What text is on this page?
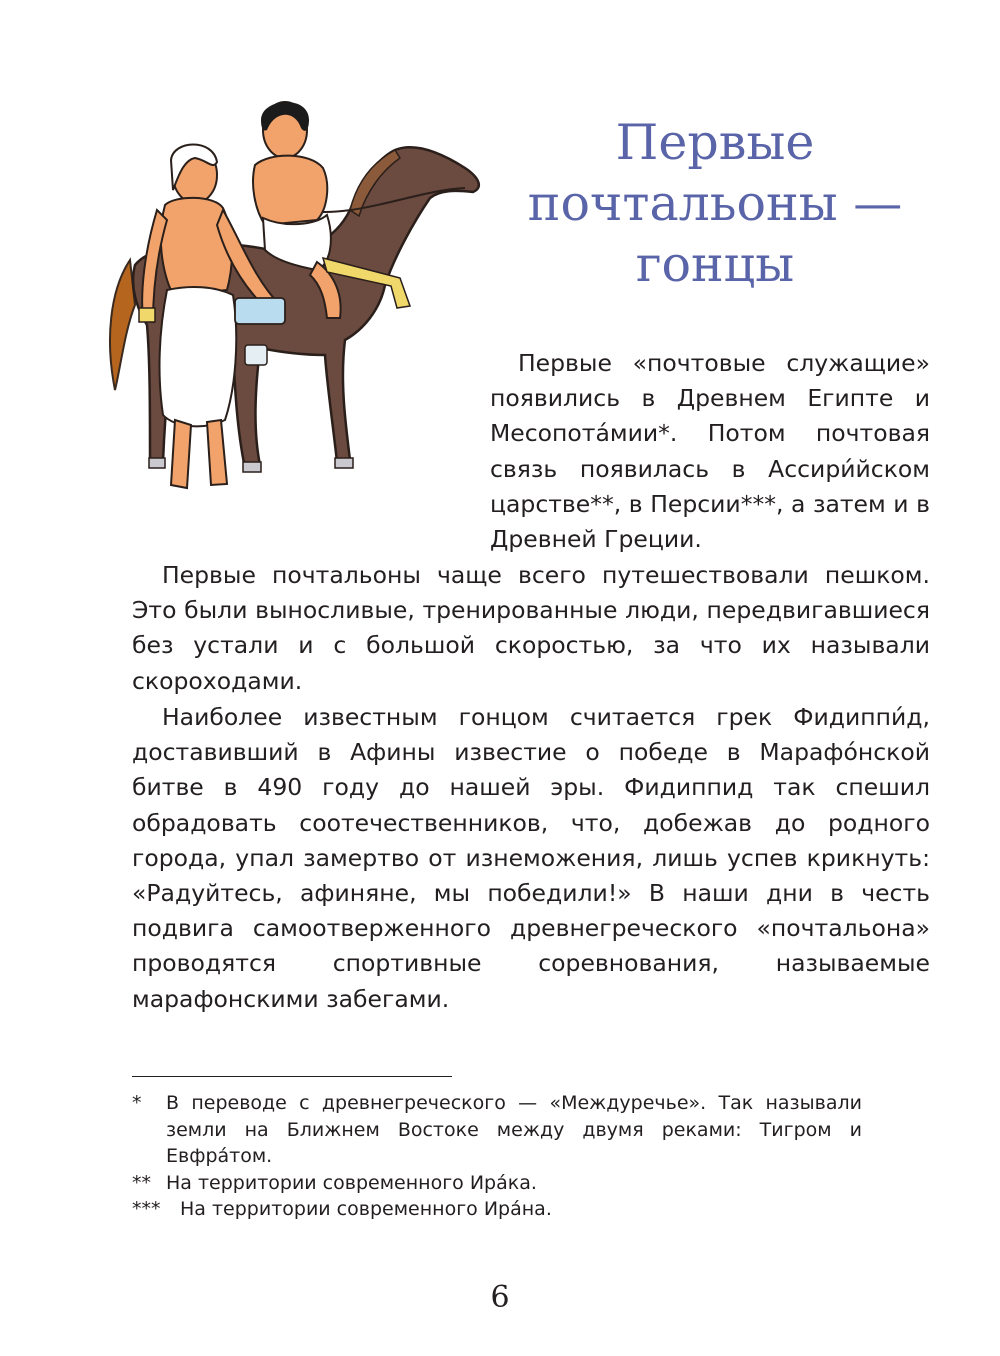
Первые
почтальоны —
гонцы

Первые «почтовые служащие» появились в Древнем Египте и Месопота́мии*. Потом почтовая связь появилась в Ассири́йском царстве**, в Персии***, а затем и в Древней Греции.

Первые почтальоны чаще всего путешествовали пешком. Это были выносливые, тренированные люди, передвигавшиеся без устали и с большой скоростью, за что их называли скороходами.

Наиболее известным гонцом считается грек Фидиппи́д, доставивший в Афины известие о победе в Марафо́нской битве в 490 году до нашей эры. Фидиппид так спешил обрадовать соотечественников, что, добежав до родного города, упал замертво от изнеможения, лишь успев крикнуть: «Радуйтесь, афиняне, мы победили!» В наши дни в честь подвига самоотверженного древнегреческого «почтальона» проводятся спортивные соревнования, называемые марафонскими забегами.

* В переводе с древнегреческого — «Междуречье». Так называли земли на Ближнем Востоке между двумя реками: Тигром и Евфра́том.

** На территории современного Ира́ка.

*** На территории современного Ира́на.

6
